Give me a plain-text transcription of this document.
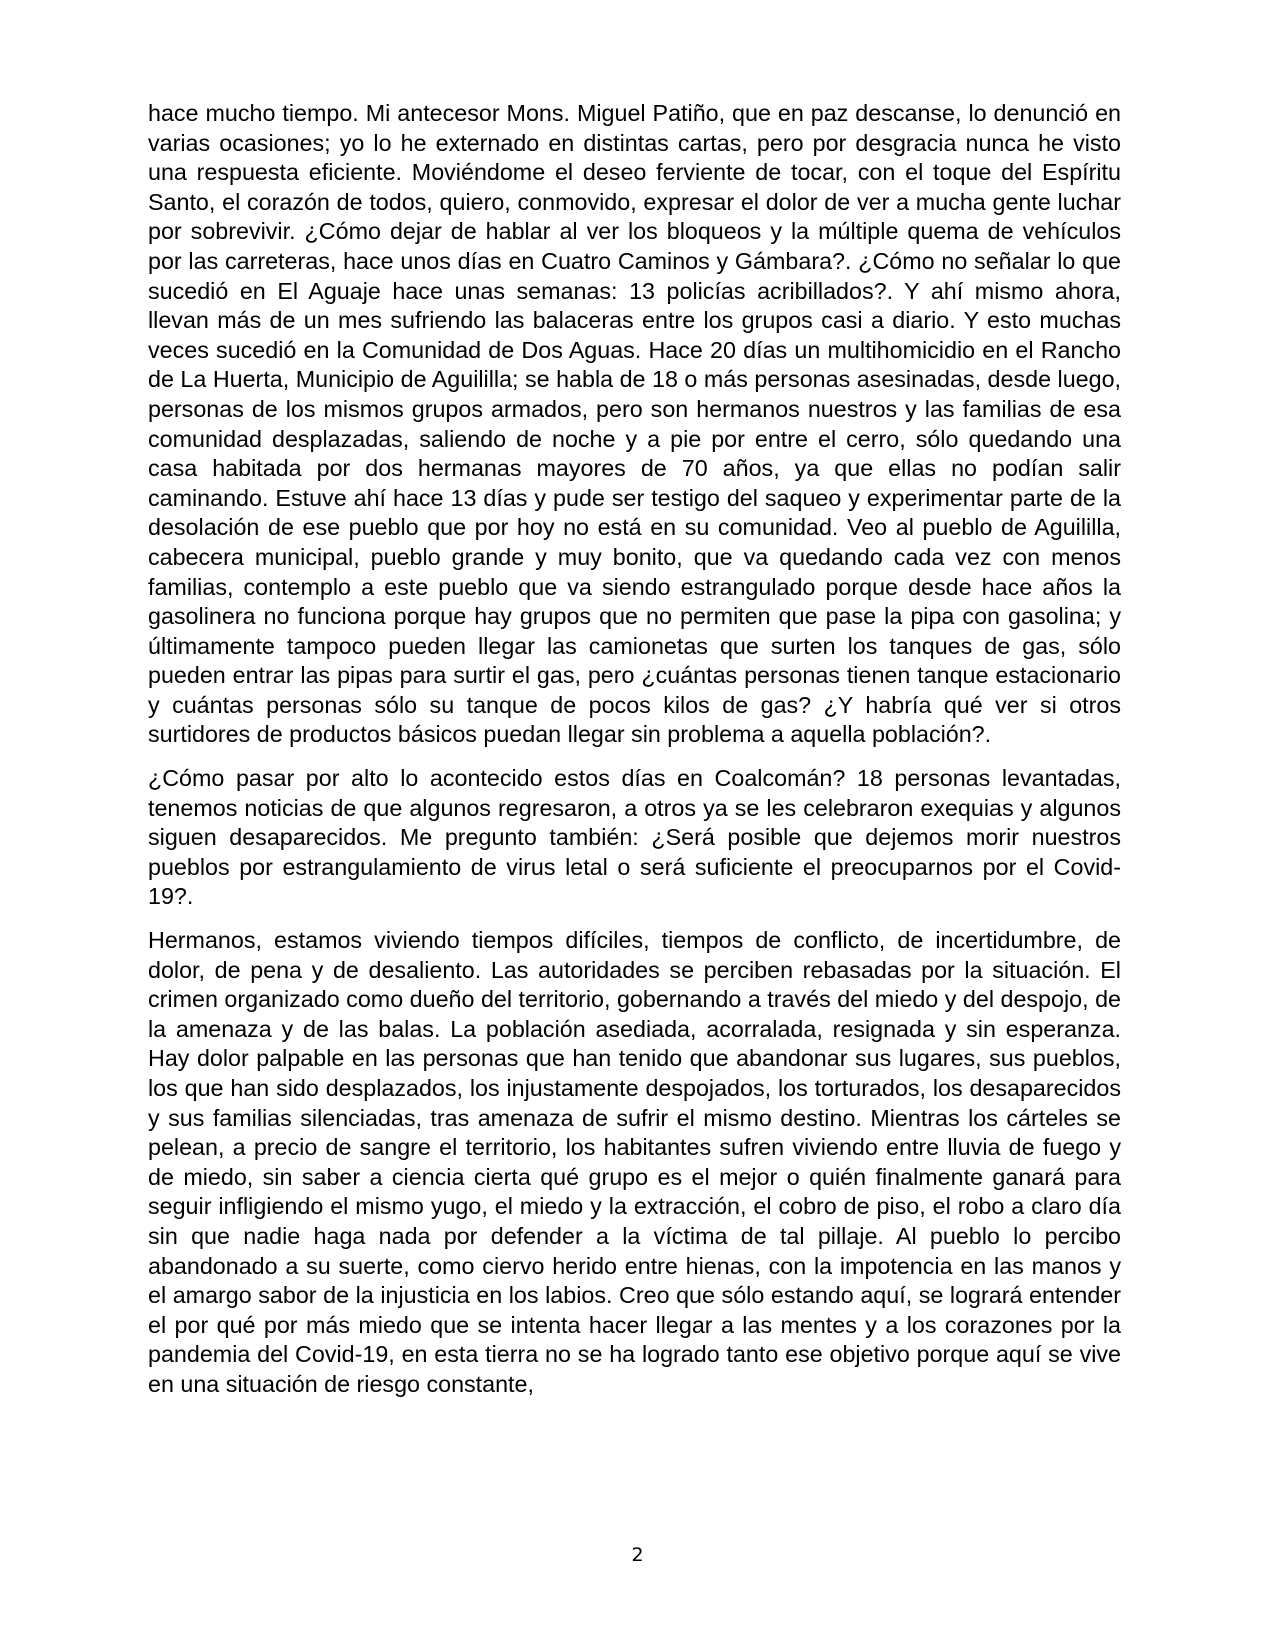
hace mucho tiempo. Mi antecesor Mons. Miguel Patiño, que en paz descanse, lo denunció en varias ocasiones; yo lo he externado en distintas cartas, pero por desgracia nunca he visto una respuesta eficiente. Moviéndome el deseo ferviente de tocar, con el toque del Espíritu Santo, el corazón de todos, quiero, conmovido, expresar el dolor de ver a mucha gente luchar por sobrevivir. ¿Cómo dejar de hablar al ver los bloqueos y la múltiple quema de vehículos por las carreteras, hace unos días en Cuatro Caminos y Gámbara?. ¿Cómo no señalar lo que sucedió en El Aguaje hace unas semanas: 13 policías acribillados?. Y ahí mismo ahora, llevan más de un mes sufriendo las balaceras entre los grupos casi a diario. Y esto muchas veces sucedió en la Comunidad de Dos Aguas. Hace 20 días un multihomicidio en el Rancho de La Huerta, Municipio de Aguililla; se habla de 18 o más personas asesinadas, desde luego, personas de los mismos grupos armados, pero son hermanos nuestros y las familias de esa comunidad desplazadas, saliendo de noche y a pie por entre el cerro, sólo quedando una casa habitada por dos hermanas mayores de 70 años, ya que ellas no podían salir caminando. Estuve ahí hace 13 días y pude ser testigo del saqueo y experimentar parte de la desolación de ese pueblo que por hoy no está en su comunidad. Veo al pueblo de Aguililla, cabecera municipal, pueblo grande y muy bonito, que va quedando cada vez con menos familias, contemplo a este pueblo que va siendo estrangulado porque desde hace años la gasolinera no funciona porque hay grupos que no permiten que pase la pipa con gasolina; y últimamente tampoco pueden llegar las camionetas que surten los tanques de gas, sólo pueden entrar las pipas para surtir el gas, pero ¿cuántas personas tienen tanque estacionario y cuántas personas sólo su tanque de pocos kilos de gas? ¿Y habría qué ver si otros surtidores de productos básicos puedan llegar sin problema a aquella población?.

¿Cómo pasar por alto lo acontecido estos días en Coalcomán? 18 personas levantadas, tenemos noticias de que algunos regresaron, a otros ya se les celebraron exequias y algunos siguen desaparecidos. Me pregunto también: ¿Será posible que dejemos morir nuestros pueblos por estrangulamiento de virus letal o será suficiente el preocuparnos por el Covid-19?.

Hermanos, estamos viviendo tiempos difíciles, tiempos de conflicto, de incertidumbre, de dolor, de pena y de desaliento. Las autoridades se perciben rebasadas por la situación. El crimen organizado como dueño del territorio, gobernando a través del miedo y del despojo, de la amenaza y de las balas. La población asediada, acorralada, resignada y sin esperanza. Hay dolor palpable en las personas que han tenido que abandonar sus lugares, sus pueblos, los que han sido desplazados, los injustamente despojados, los torturados, los desaparecidos y sus familias silenciadas, tras amenaza de sufrir el mismo destino. Mientras los cárteles se pelean, a precio de sangre el territorio, los habitantes sufren viviendo entre lluvia de fuego y de miedo, sin saber a ciencia cierta qué grupo es el mejor o quién finalmente ganará para seguir infligiendo el mismo yugo, el miedo y la extracción, el cobro de piso, el robo a claro día sin que nadie haga nada por defender a la víctima de tal pillaje. Al pueblo lo percibo abandonado a su suerte, como ciervo herido entre hienas, con la impotencia en las manos y el amargo sabor de la injusticia en los labios. Creo que sólo estando aquí, se logrará entender el por qué por más miedo que se intenta hacer llegar a las mentes y a los corazones por la pandemia del Covid-19, en esta tierra no se ha logrado tanto ese objetivo porque aquí se vive en una situación de riesgo constante,

2
